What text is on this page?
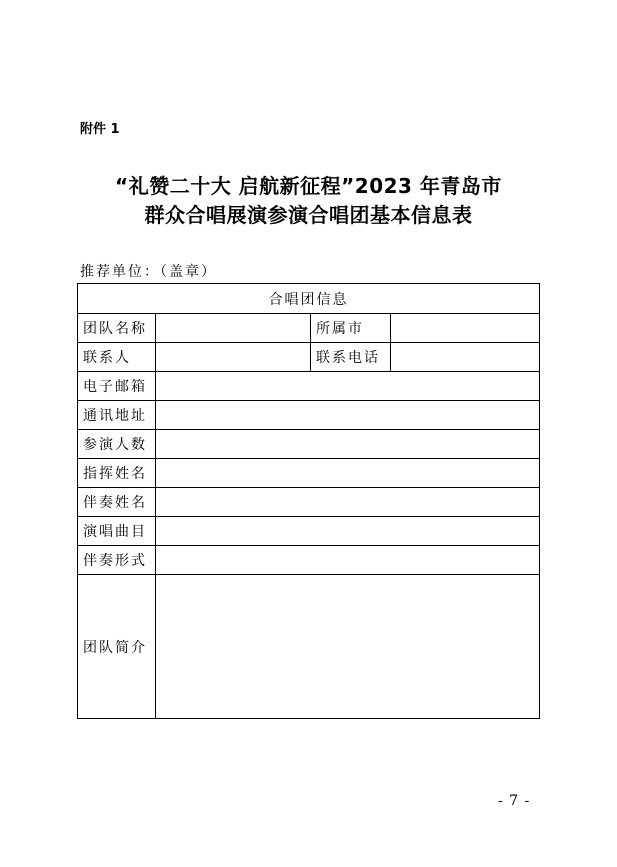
附件 1
“礼赞二十大 启航新征程”2023 年青岛市
群众合唱展演参演合唱团基本信息表
推荐单位：（盖章）
合唱团信息			
团队名称		所属市	
联系人		联系电话	
电子邮箱			
通讯地址			
参演人数			
指挥姓名			
伴奏姓名			
演唱曲目			
伴奏形式			
团队简介			
- 7 -
